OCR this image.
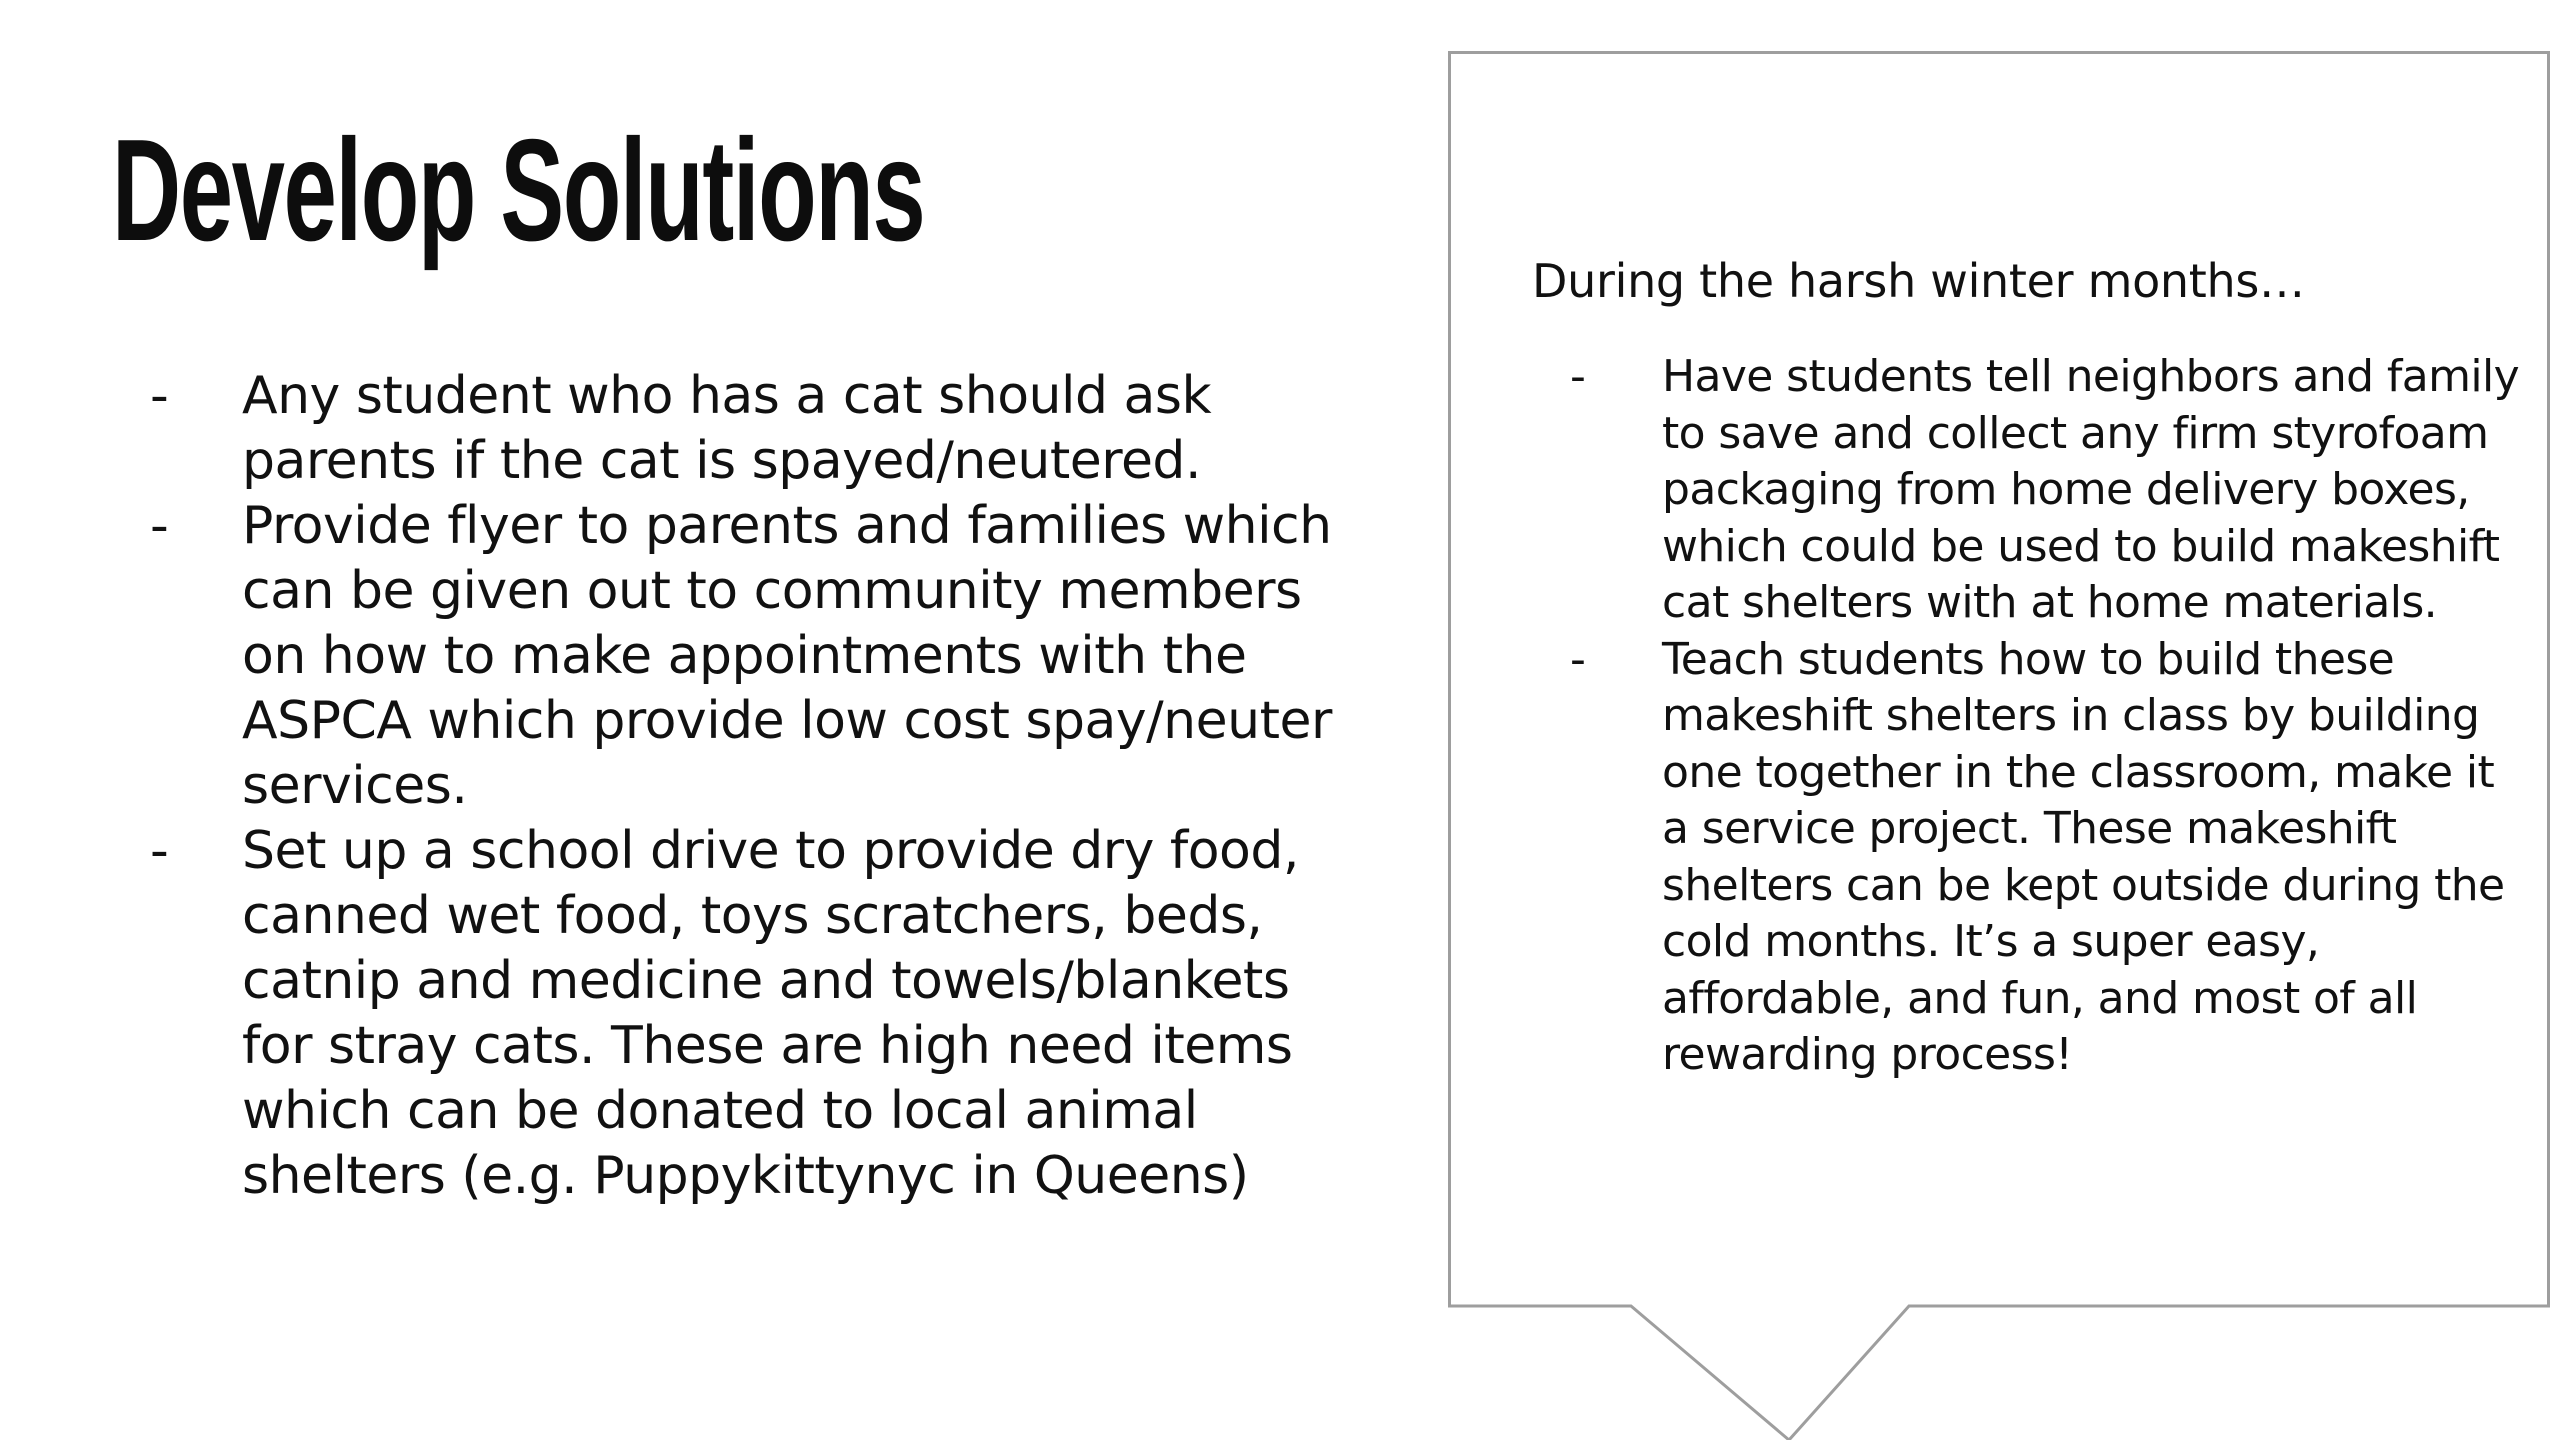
Develop Solutions
-	Any student who has a cat should ask parents if the cat is spayed/neutered.
-	Provide flyer to parents and families which can be given out to community members on how to make appointments with the ASPCA which provide low cost spay/neuter services.
-	Set up a school drive to provide dry food, canned wet food, toys scratchers, beds, catnip and medicine and towels/blankets for stray cats. These are high need items which can be donated to local animal shelters (e.g. Puppykittynyc in Queens)

During the harsh winter months…

-	Have students tell neighbors and family to save and collect any firm styrofoam packaging from home delivery boxes, which could be used to build makeshift cat shelters with at home materials.
-	Teach students how to build these makeshift shelters in class by building one together in the classroom, make it a service project. These makeshift shelters can be kept outside during the cold months. It’s a super easy, affordable, and fun, and most of all rewarding process!
